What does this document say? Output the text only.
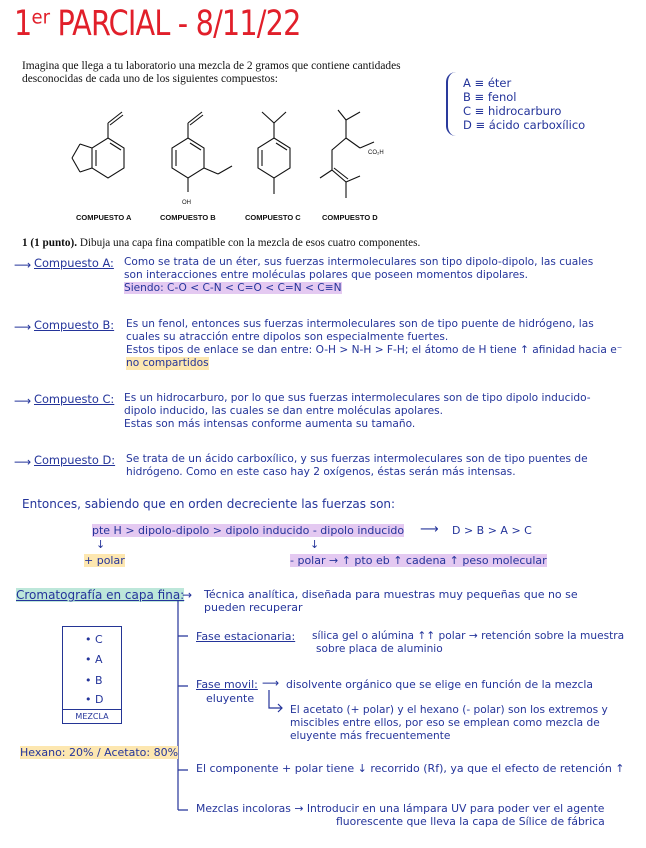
1ᵉʳ PARCIAL - 8/11/22
Imagina que llega a tu laboratorio una mezcla de 2 gramos que contiene cantidades desconocidas de cada uno de los siguientes compuestos:	A ≡ éter
B ≡ fenol
C ≡ hidrocarburo
D ≡ ácido carboxílico
OH
CO₂H
COMPUESTO A	COMPUESTO B	COMPUESTO C	COMPUESTO D
1 (1 punto). Dibuja una capa fina compatible con la mezcla de esos cuatro componentes.
⟶ Compuesto A: Como se trata de un éter, sus fuerzas intermoleculares son tipo dipolo-dipolo, las cuales
son interacciones entre moléculas polares que poseen momentos dipolares.
Siendo: C-O < C-N < C=O < C=N < C≡N
⟶ Compuesto B: Es un fenol, entonces sus fuerzas intermoleculares son de tipo puente de hidrógeno, las
cuales su atracción entre dipolos son especialmente fuertes.
Estos tipos de enlace se dan entre: O-H > N-H > F-H; el átomo de H tiene ↑ afinidad hacia e⁻
no compartidos
⟶ Compuesto C: Es un hidrocarburo, por lo que sus fuerzas intermoleculares son de tipo dipolo inducido-
dipolo inducido, las cuales se dan entre moléculas apolares.
Estas son más intensas conforme aumenta su tamaño.
⟶ Compuesto D: Se trata de un ácido carboxílico, y sus fuerzas intermoleculares son de tipo puentes de
hidrógeno. Como en este caso hay 2 oxígenos, éstas serán más intensas.
Entonces, sabiendo que en orden decreciente las fuerzas son:
pte H > dipolo-dipolo > dipolo inducido - dipolo inducido	⟶ D > B > A > C
↓	↓
+ polar	- polar → ↑ pto eb ↑ cadena ↑ peso molecular
Cromatografía en capa fina:
→ Técnica analítica, diseñada para muestras muy pequeñas que no se
pueden recuperar
Fase estacionaria: sílica gel o alúmina ↑↑ polar → retención sobre la muestra
sobre placa de aluminio
Fase movil:
eluyente
⟶ disolvente orgánico que se elige en función de la mezcla
El acetato (+ polar) y el hexano (- polar) son los extremos y
miscibles entre ellos, por eso se emplean como mezcla de
eluyente más frecuentemente
El componente + polar tiene ↓ recorrido (Rf), ya que el efecto de retención ↑
Mezclas incoloras → Introducir en una lámpara UV para poder ver el agente
fluorescente que lleva la capa de Sílice de fábrica
• C
• A
• B
• D
MEZCLA
Hexano: 20% / Acetato: 80%
